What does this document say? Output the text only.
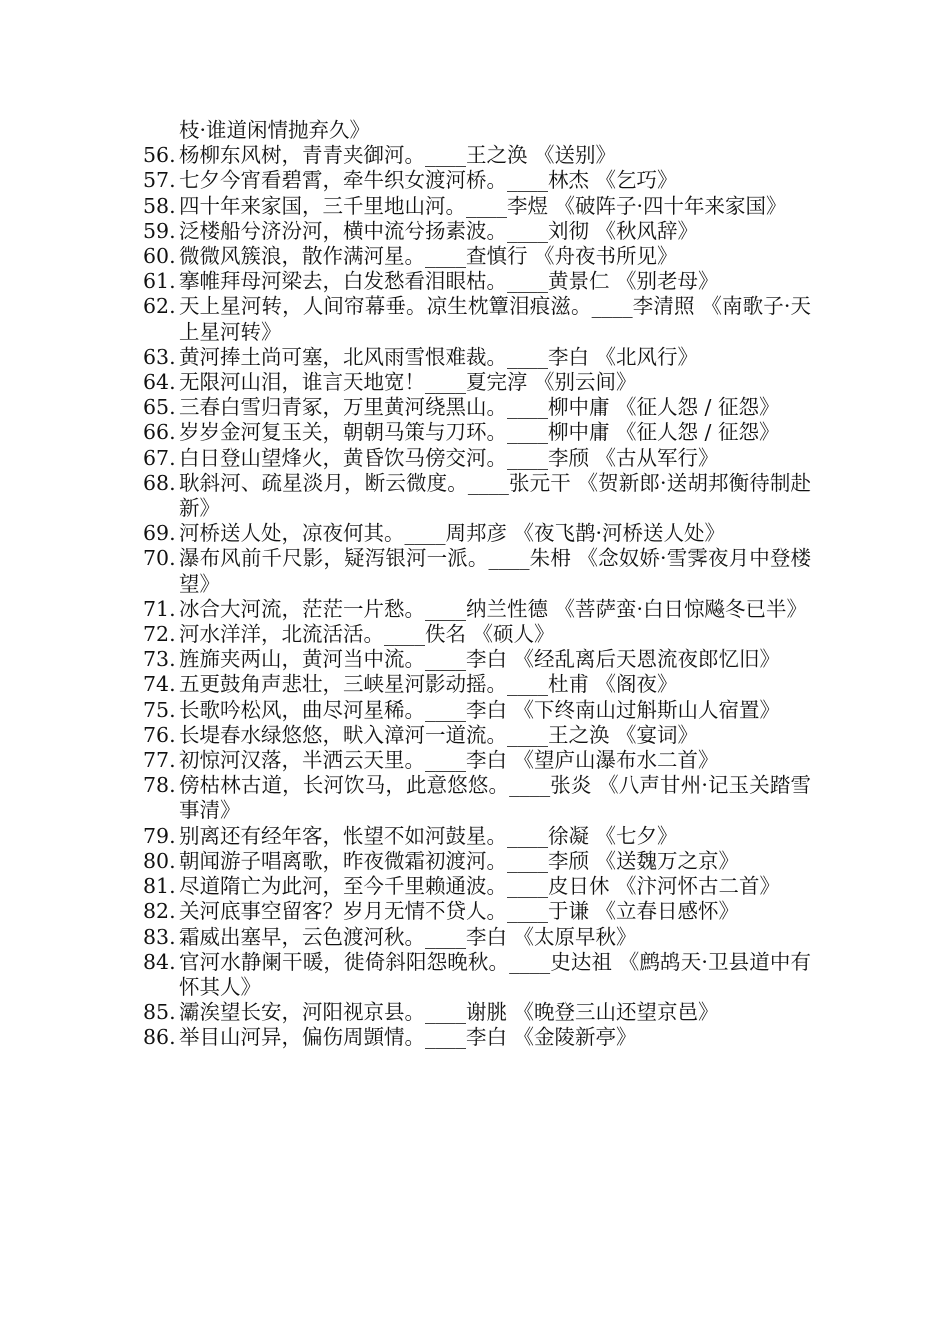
枝·谁道闲情抛弃久》
56. 杨柳东风树，青青夹御河。____王之涣 《送别》
57. 七夕今宵看碧霄，牵牛织女渡河桥。____林杰 《乞巧》
58. 四十年来家国，三千里地山河。____李煜 《破阵子·四十年来家国》
59. 泛楼船兮济汾河，横中流兮扬素波。____刘彻 《秋风辞》
60. 微微风簇浪，散作满河星。____查慎行 《舟夜书所见》
61. 搴帷拜母河梁去，白发愁看泪眼枯。____黄景仁 《别老母》
62. 天上星河转，人间帘幕垂。凉生枕簟泪痕滋。____李清照 《南歌子·天上星河转》
63. 黄河捧土尚可塞，北风雨雪恨难裁。____李白 《北风行》
64. 无限河山泪，谁言天地宽！____夏完淳 《别云间》
65. 三春白雪归青冢，万里黄河绕黑山。____柳中庸 《征人怨 / 征怨》
66. 岁岁金河复玉关，朝朝马策与刀环。____柳中庸 《征人怨 / 征怨》
67. 白日登山望烽火，黄昏饮马傍交河。____李颀 《古从军行》
68. 耿斜河、疏星淡月，断云微度。____张元干 《贺新郎·送胡邦衡待制赴新》
69. 河桥送人处，凉夜何其。____周邦彦 《夜飞鹊·河桥送人处》
70. 瀑布风前千尺影，疑泻银河一派。____朱枏 《念奴娇·雪霁夜月中登楼望》
71. 冰合大河流，茫茫一片愁。____纳兰性德 《菩萨蛮·白日惊飚冬已半》
72. 河水洋洋，北流活活。____佚名 《硕人》
73. 旌旆夹两山，黄河当中流。____李白 《经乱离后天恩流夜郎忆旧》
74. 五更鼓角声悲壮，三峡星河影动摇。____杜甫 《阁夜》
75. 长歌吟松风，曲尽河星稀。____李白 《下终南山过斛斯山人宿置》
76. 长堤春水绿悠悠，畎入漳河一道流。____王之涣 《宴词》
77. 初惊河汉落，半洒云天里。____李白 《望庐山瀑布水二首》
78. 傍枯林古道，长河饮马，此意悠悠。____张炎 《八声甘州·记玉关踏雪事清》
79. 别离还有经年客，怅望不如河鼓星。____徐凝 《七夕》
80. 朝闻游子唱离歌，昨夜微霜初渡河。____李颀 《送魏万之京》
81. 尽道隋亡为此河，至今千里赖通波。____皮日休 《汴河怀古二首》
82. 关河底事空留客？岁月无情不贷人。____于谦 《立春日感怀》
83. 霜威出塞早，云色渡河秋。____李白 《太原早秋》
84. 官河水静阑干暖，徙倚斜阳怨晚秋。____史达祖 《鹧鸪天·卫县道中有怀其人》
85. 灞涘望长安，河阳视京县。____谢朓 《晚登三山还望京邑》
86. 举目山河异，偏伤周顗情。____李白 《金陵新亭》
